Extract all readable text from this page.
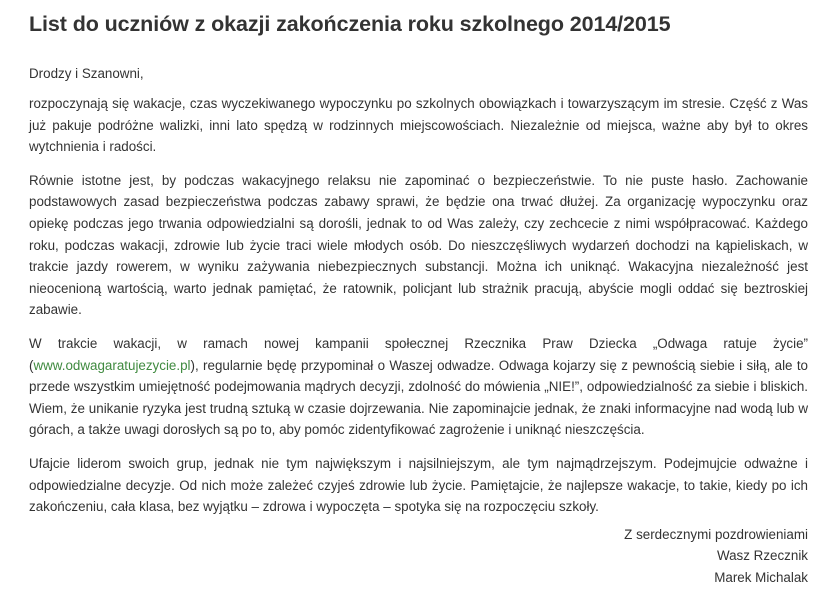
List do uczniów z okazji zakończenia roku szkolnego 2014/2015

Drodzy i Szanowni,

rozpoczynają się wakacje, czas wyczekiwanego wypoczynku po szkolnych obowiązkach i towarzyszącym im stresie. Część z Was już pakuje podróżne walizki, inni lato spędzą w rodzinnych miejscowościach. Niezależnie od miejsca, ważne aby był to okres wytchnienia i radości.

Równie istotne jest, by podczas wakacyjnego relaksu nie zapominać o bezpieczeństwie. To nie puste hasło. Zachowanie podstawowych zasad bezpieczeństwa podczas zabawy sprawi, że będzie ona trwać dłużej. Za organizację wypoczynku oraz opiekę podczas jego trwania odpowiedzialni są dorośli, jednak to od Was zależy, czy zechcecie z nimi współpracować. Każdego roku, podczas wakacji, zdrowie lub życie traci wiele młodych osób. Do nieszczęśliwych wydarzeń dochodzi na kąpieliskach, w trakcie jazdy rowerem, w wyniku zażywania niebezpiecznych substancji. Można ich uniknąć. Wakacyjna niezależność jest nieocenioną wartością, warto jednak pamiętać, że ratownik, policjant lub strażnik pracują, abyście mogli oddać się beztroskiej zabawie.

W trakcie wakacji, w ramach nowej kampanii społecznej Rzecznika Praw Dziecka „Odwaga ratuje życie” (www.odwagaratujezycie.pl), regularnie będę przypominał o Waszej odwadze. Odwaga kojarzy się z pewnością siebie i siłą, ale to przede wszystkim umiejętność podejmowania mądrych decyzji, zdolność do mówienia „NIE!”, odpowiedzialność za siebie i bliskich. Wiem, że unikanie ryzyka jest trudną sztuką w czasie dojrzewania. Nie zapominajcie jednak, że znaki informacyjne nad wodą lub w górach, a także uwagi dorosłych są po to, aby pomóc zidentyfikować zagrożenie i uniknąć nieszczęścia.

Ufajcie liderom swoich grup, jednak nie tym największym i najsilniejszym, ale tym najmądrzejszym. Podejmujcie odważne i odpowiedzialne decyzje. Od nich może zależeć czyjeś zdrowie lub życie. Pamiętajcie, że najlepsze wakacje, to takie, kiedy po ich zakończeniu, cała klasa, bez wyjątku – zdrowa i wypoczęta – spotyka się na rozpoczęciu szkoły.

Z serdecznymi pozdrowieniami
Wasz Rzecznik
Marek Michalak
